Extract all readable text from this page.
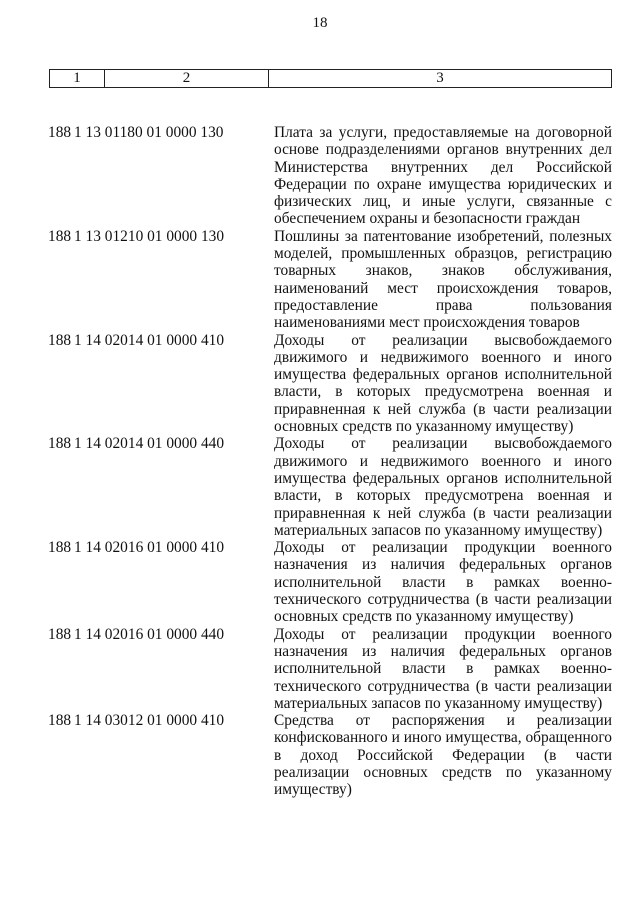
18
1	2	3
188 1 13 01180 01 0000 130	Плата за услуги, предоставляемые на договорной основе подразделениями органов внутренних дел Министерства внутренних дел Российской Федерации по охране имущества юридических и физических лиц, и иные услуги, связанные с обеспечением охраны и безопасности граждан
188 1 13 01210 01 0000 130	Пошлины за патентование изобретений, полезных моделей, промышленных образцов, регистрацию товарных знаков, знаков обслуживания, наименований мест происхождения товаров, предоставление права пользования наименованиями мест происхождения товаров
188 1 14 02014 01 0000 410	Доходы от реализации высвобождаемого движимого и недвижимого военного и иного имущества федеральных органов исполнительной власти, в которых предусмотрена военная и приравненная к ней служба (в части реализации основных средств по указанному имуществу)
188 1 14 02014 01 0000 440	Доходы от реализации высвобождаемого движимого и недвижимого военного и иного имущества федеральных органов исполнительной власти, в которых предусмотрена военная и приравненная к ней служба (в части реализации материальных запасов по указанному имуществу)
188 1 14 02016 01 0000 410	Доходы от реализации продукции военного назначения из наличия федеральных органов исполнительной власти в рамках военно-технического сотрудничества (в части реализации основных средств по указанному имуществу)
188 1 14 02016 01 0000 440	Доходы от реализации продукции военного назначения из наличия федеральных органов исполнительной власти в рамках военно-технического сотрудничества (в части реализации материальных запасов по указанному имуществу)
188 1 14 03012 01 0000 410	Средства от распоряжения и реализации конфискованного и иного имущества, обращенного в доход Российской Федерации (в части реализации основных средств по указанному имуществу)
